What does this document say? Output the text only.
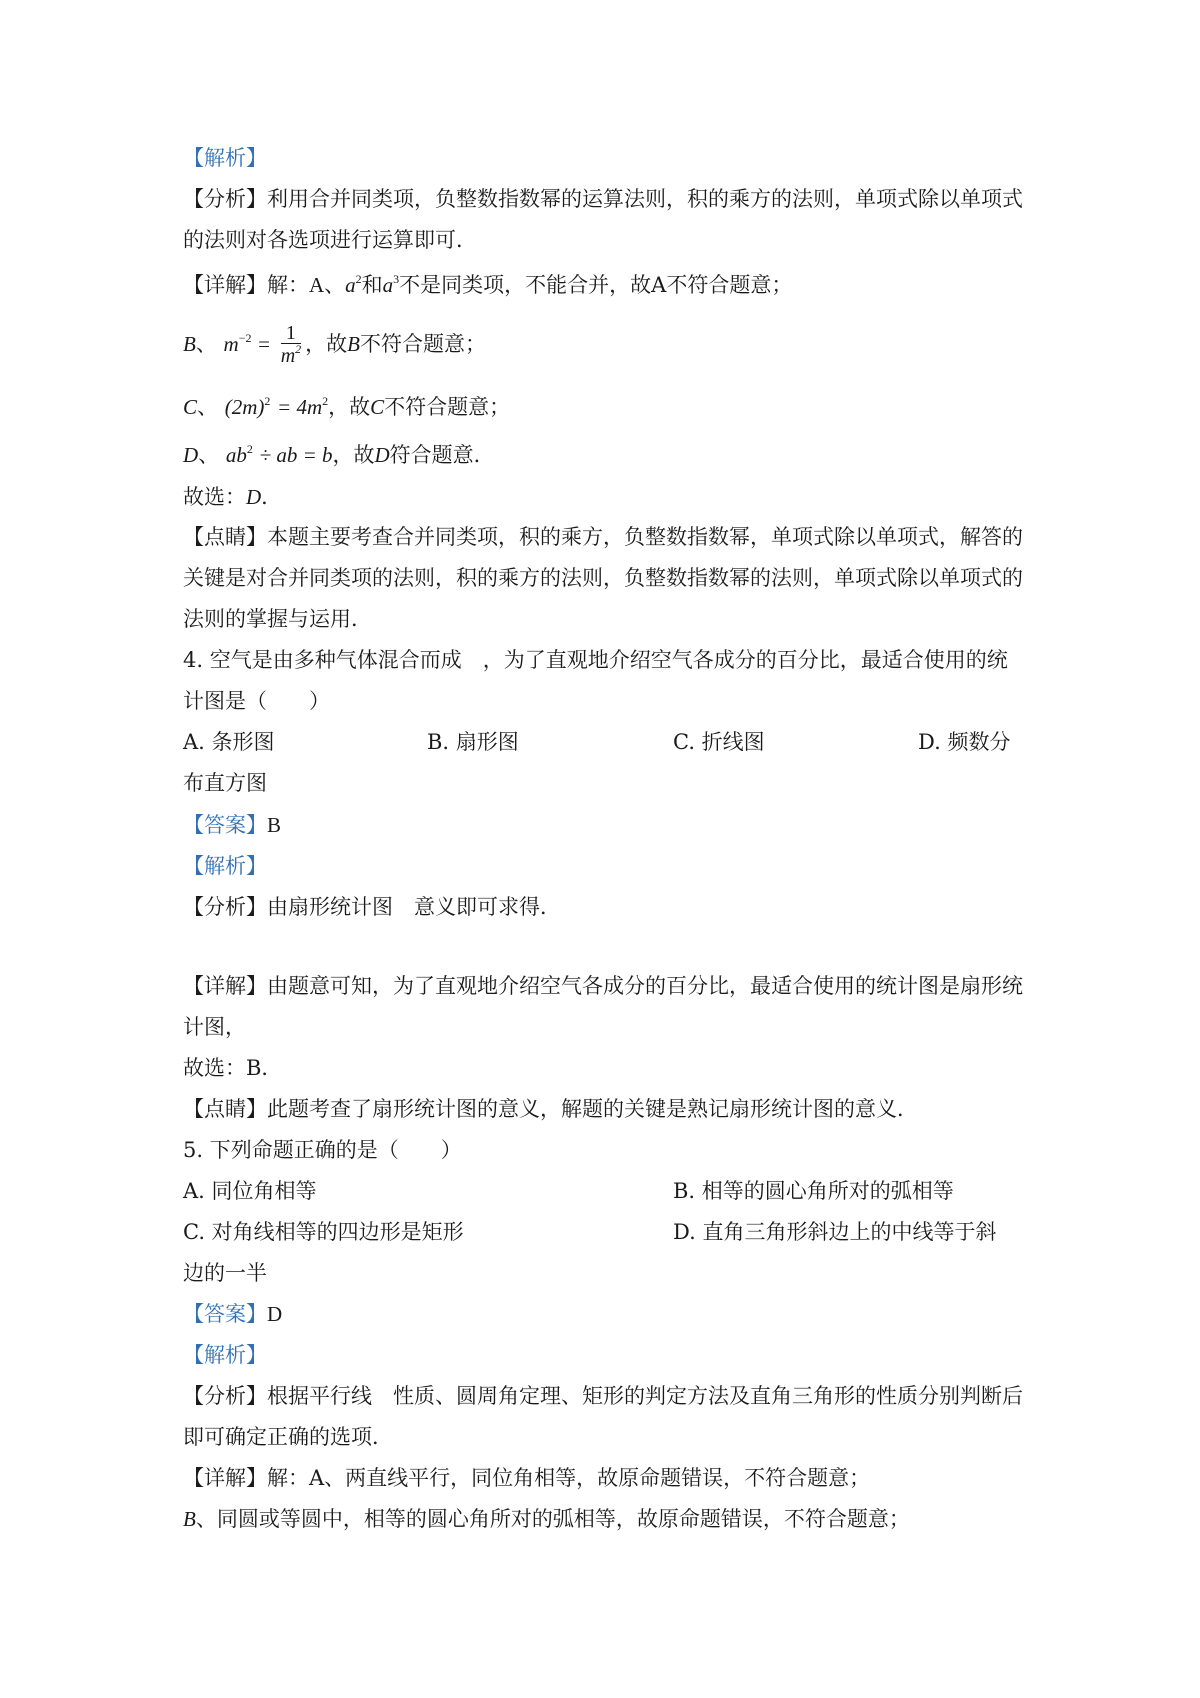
【解析】
【分析】利用合并同类项，负整数指数幂的运算法则，积的乘方的法则，单项式除以单项式
的法则对各选项进行运算即可．
【详解】解：A、$a^2$和$a^3$不是同类项，不能合并，故A不符合题意；
B、 $m^{-2} = \frac{1}{m^2}$ ，故B不符合题意；
C、 $(2m)^2 = 4m^2$，故C不符合题意；
D、 $ab^2$ ÷ ab = b，故D符合题意．
故选：D．
【点睛】本题主要考查合并同类项，积的乘方，负整数指数幂，单项式除以单项式，解答的
关键是对合并同类项的法则，积的乘方的法则，负整数指数幂的法则，单项式除以单项式的
法则的掌握与运用．
4. 空气是由多种气体混合而成　，为了直观地介绍空气各成分的百分比，最适合使用的统
计图是（　　）
A. 条形图	B. 扇形图	C. 折线图	D. 频数分
布直方图
【答案】B
【解析】
【分析】由扇形统计图　意义即可求得．
【详解】由题意可知，为了直观地介绍空气各成分的百分比，最适合使用的统计图是扇形统
计图，
故选：B．
【点睛】此题考查了扇形统计图的意义，解题的关键是熟记扇形统计图的意义．
5. 下列命题正确的是（　　）
A. 同位角相等	B. 相等的圆心角所对的弧相等
C. 对角线相等的四边形是矩形	D. 直角三角形斜边上的中线等于斜
边的一半
【答案】D
【解析】
【分析】根据平行线　性质、圆周角定理、矩形的判定方法及直角三角形的性质分别判断后
即可确定正确的选项．
【详解】解：A、两直线平行，同位角相等，故原命题错误，不符合题意；
B、同圆或等圆中，相等的圆心角所对的弧相等，故原命题错误，不符合题意；
